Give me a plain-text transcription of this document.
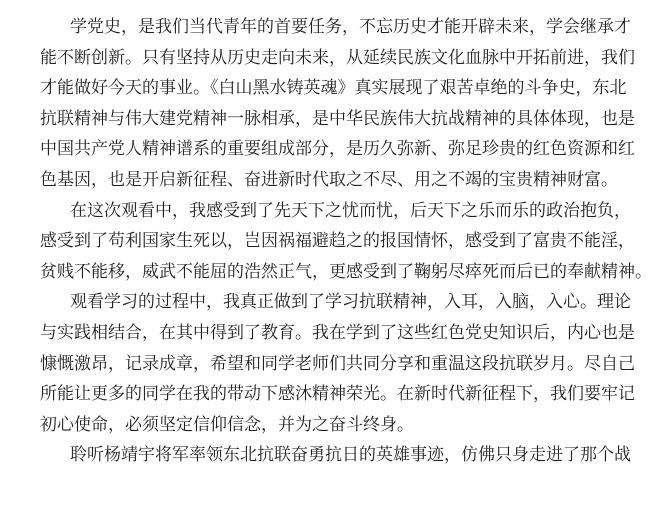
学党史，是我们当代青年的首要任务，不忘历史才能开辟未来，学会继承才
能不断创新。只有坚持从历史走向未来，从延续民族文化血脉中开拓前进，我们
才能做好今天的事业。《白山黑水铸英魂》真实展现了艰苦卓绝的斗争史，东北
抗联精神与伟大建党精神一脉相承，是中华民族伟大抗战精神的具体体现，也是
中国共产党人精神谱系的重要组成部分，是历久弥新、弥足珍贵的红色资源和红
色基因，也是开启新征程、奋进新时代取之不尽、用之不竭的宝贵精神财富。
在这次观看中，我感受到了先天下之忧而忧，后天下之乐而乐的政治抱负，
感受到了苟利国家生死以，岂因祸福避趋之的报国情怀，感受到了富贵不能淫，
贫贱不能移，威武不能屈的浩然正气，更感受到了鞠躬尽瘁死而后已的奉献精神。
观看学习的过程中，我真正做到了学习抗联精神，入耳，入脑，入心。理论
与实践相结合，在其中得到了教育。我在学到了这些红色党史知识后，内心也是
慷慨激昂，记录成章，希望和同学老师们共同分享和重温这段抗联岁月。尽自己
所能让更多的同学在我的带动下感沐精神荣光。在新时代新征程下，我们要牢记
初心使命，必须坚定信仰信念，并为之奋斗终身。
聆听杨靖宇将军率领东北抗联奋勇抗日的英雄事迹，仿佛只身走进了那个战
